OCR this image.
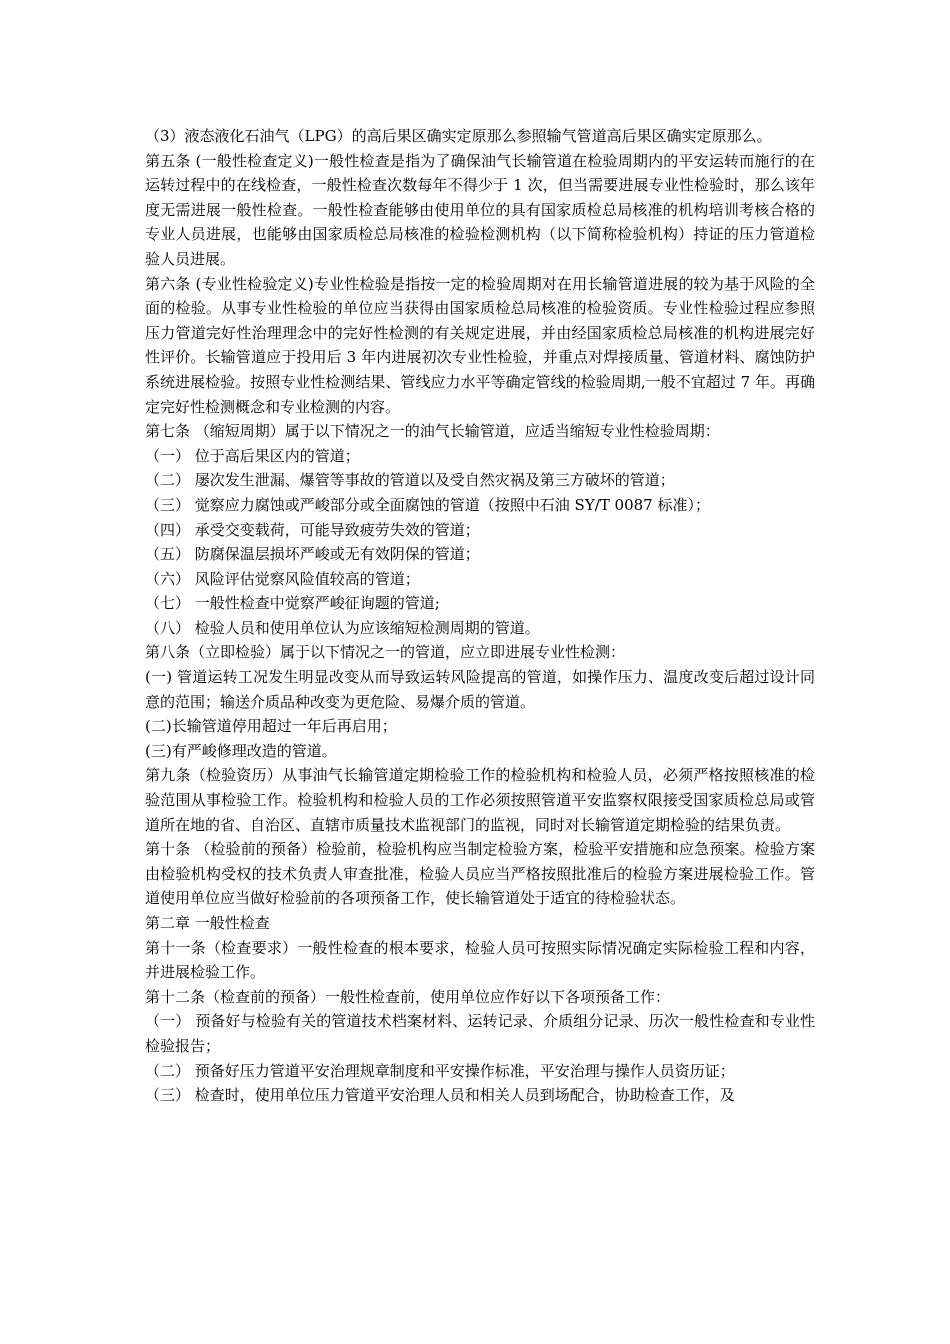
（3）液态液化石油气（LPG）的高后果区确实定原那么参照输气管道高后果区确实定原那么。

第五条 (一般性检查定义)一般性检查是指为了确保油气长输管道在检验周期内的平安运转而施行的在运转过程中的在线检查，一般性检查次数每年不得少于 1 次，但当需要进展专业性检验时，那么该年度无需进展一般性检查。一般性检查能够由使用单位的具有国家质检总局核准的机构培训考核合格的专业人员进展，也能够由国家质检总局核准的检验检测机构（以下简称检验机构）持证的压力管道检验人员进展。

第六条 (专业性检验定义)专业性检验是指按一定的检验周期对在用长输管道进展的较为基于风险的全面的检验。从事专业性检验的单位应当获得由国家质检总局核准的检验资质。专业性检验过程应参照压力管道完好性治理理念中的完好性检测的有关规定进展，并由经国家质检总局核准的机构进展完好性评价。长输管道应于投用后 3 年内进展初次专业性检验，并重点对焊接质量、管道材料、腐蚀防护系统进展检验。按照专业性检测结果、管线应力水平等确定管线的检验周期,一般不宜超过 7 年。再确定完好性检测概念和专业检测的内容。

第七条 （缩短周期）属于以下情况之一的油气长输管道，应适当缩短专业性检验周期：

（一） 位于高后果区内的管道；

（二） 屡次发生泄漏、爆管等事故的管道以及受自然灾祸及第三方破坏的管道；

（三） 觉察应力腐蚀或严峻部分或全面腐蚀的管道（按照中石油 SY/T 0087 标准）；

（四） 承受交变载荷，可能导致疲劳失效的管道；

（五） 防腐保温层损坏严峻或无有效阴保的管道；

（六） 风险评估觉察风险值较高的管道；

（七） 一般性检查中觉察严峻征询题的管道;

（八） 检验人员和使用单位认为应该缩短检测周期的管道。

第八条（立即检验）属于以下情况之一的管道，应立即进展专业性检测：

(一) 管道运转工况发生明显改变从而导致运转风险提高的管道，如操作压力、温度改变后超过设计同意的范围；输送介质品种改变为更危险、易爆介质的管道。

(二)长输管道停用超过一年后再启用；

(三)有严峻修理改造的管道。

第九条（检验资历）从事油气长输管道定期检验工作的检验机构和检验人员，必须严格按照核准的检验范围从事检验工作。检验机构和检验人员的工作必须按照管道平安监察权限接受国家质检总局或管道所在地的省、自治区、直辖市质量技术监视部门的监视，同时对长输管道定期检验的结果负责。

第十条 （检验前的预备）检验前，检验机构应当制定检验方案，检验平安措施和应急预案。检验方案由检验机构受权的技术负责人审查批准，检验人员应当严格按照批准后的检验方案进展检验工作。管道使用单位应当做好检验前的各项预备工作，使长输管道处于适宜的待检验状态。

第二章 一般性检查

第十一条（检查要求）一般性检查的根本要求，检验人员可按照实际情况确定实际检验工程和内容，并进展检验工作。

第十二条（检查前的预备）一般性检查前，使用单位应作好以下各项预备工作：

（一） 预备好与检验有关的管道技术档案材料、运转记录、介质组分记录、历次一般性检查和专业性检验报告；

（二） 预备好压力管道平安治理规章制度和平安操作标准，平安治理与操作人员资历证；

（三） 检查时，使用单位压力管道平安治理人员和相关人员到场配合，协助检查工作，及
